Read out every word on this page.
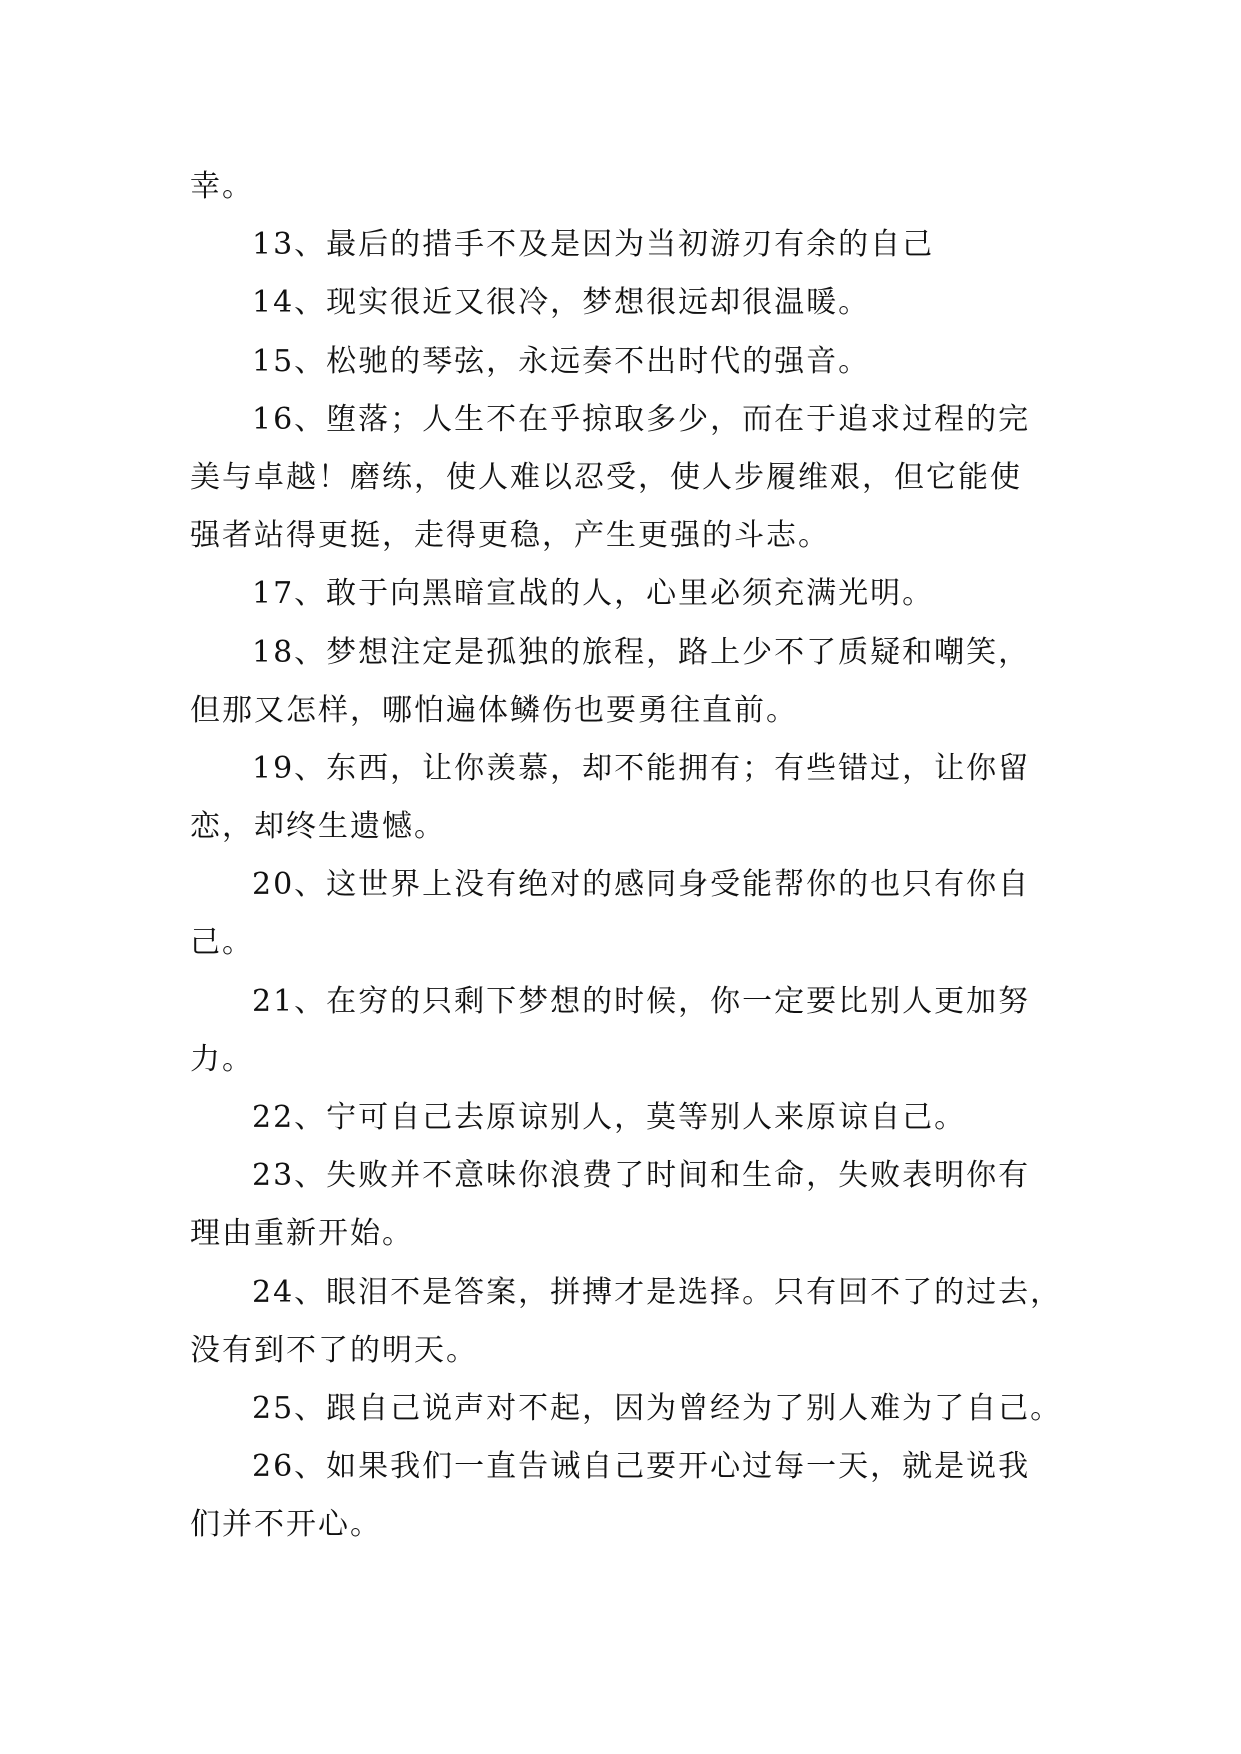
幸。
13、最后的措手不及是因为当初游刃有余的自己
14、现实很近又很冷，梦想很远却很温暖。
15、松驰的琴弦，永远奏不出时代的强音。
16、堕落；人生不在乎掠取多少，而在于追求过程的完
美与卓越！磨练，使人难以忍受，使人步履维艰，但它能使
强者站得更挺，走得更稳，产生更强的斗志。
17、敢于向黑暗宣战的人，心里必须充满光明。
18、梦想注定是孤独的旅程，路上少不了质疑和嘲笑，
但那又怎样，哪怕遍体鳞伤也要勇往直前。
19、东西，让你羡慕，却不能拥有；有些错过，让你留
恋，却终生遗憾。
20、这世界上没有绝对的感同身受能帮你的也只有你自
己。
21、在穷的只剩下梦想的时候，你一定要比别人更加努
力。
22、宁可自己去原谅别人，莫等别人来原谅自己。
23、失败并不意味你浪费了时间和生命，失败表明你有
理由重新开始。
24、眼泪不是答案，拼搏才是选择。只有回不了的过去，
没有到不了的明天。
25、跟自己说声对不起，因为曾经为了别人难为了自己。
26、如果我们一直告诫自己要开心过每一天，就是说我
们并不开心。
